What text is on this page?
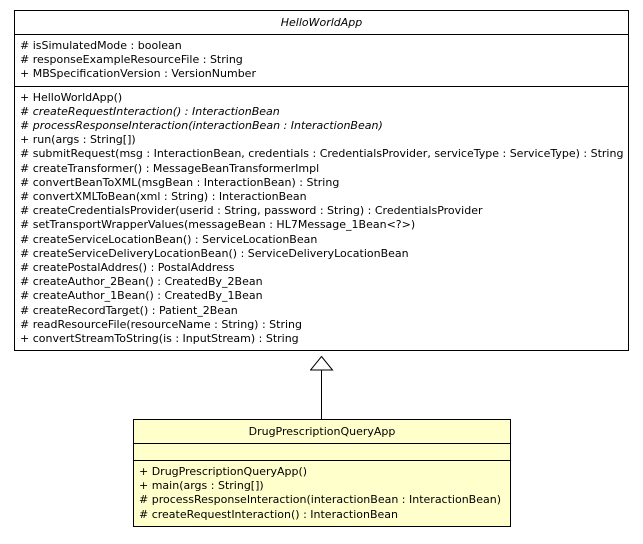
HelloWorldApp
# isSimulatedMode : boolean
# responseExampleResourceFile : String
+ MBSpecificationVersion : VersionNumber
+ HelloWorldApp()
# createRequestInteraction() : InteractionBean
# processResponseInteraction(interactionBean : InteractionBean)
+ run(args : String[])
# submitRequest(msg : InteractionBean, credentials : CredentialsProvider, serviceType : ServiceType) : String
# createTransformer() : MessageBeanTransformerImpl
# convertBeanToXML(msgBean : InteractionBean) : String
# convertXMLToBean(xml : String) : InteractionBean
# createCredentialsProvider(userid : String, password : String) : CredentialsProvider
# setTransportWrapperValues(messageBean : HL7Message_1Bean<?>)
# createServiceLocationBean() : ServiceLocationBean
# createServiceDeliveryLocationBean() : ServiceDeliveryLocationBean
# createPostalAddres() : PostalAddress
# createAuthor_2Bean() : CreatedBy_2Bean
# createAuthor_1Bean() : CreatedBy_1Bean
# createRecordTarget() : Patient_2Bean
# readResourceFile(resourceName : String) : String
+ convertStreamToString(is : InputStream) : String
DrugPrescriptionQueryApp
+ DrugPrescriptionQueryApp()
+ main(args : String[])
# processResponseInteraction(interactionBean : InteractionBean)
# createRequestInteraction() : InteractionBean
